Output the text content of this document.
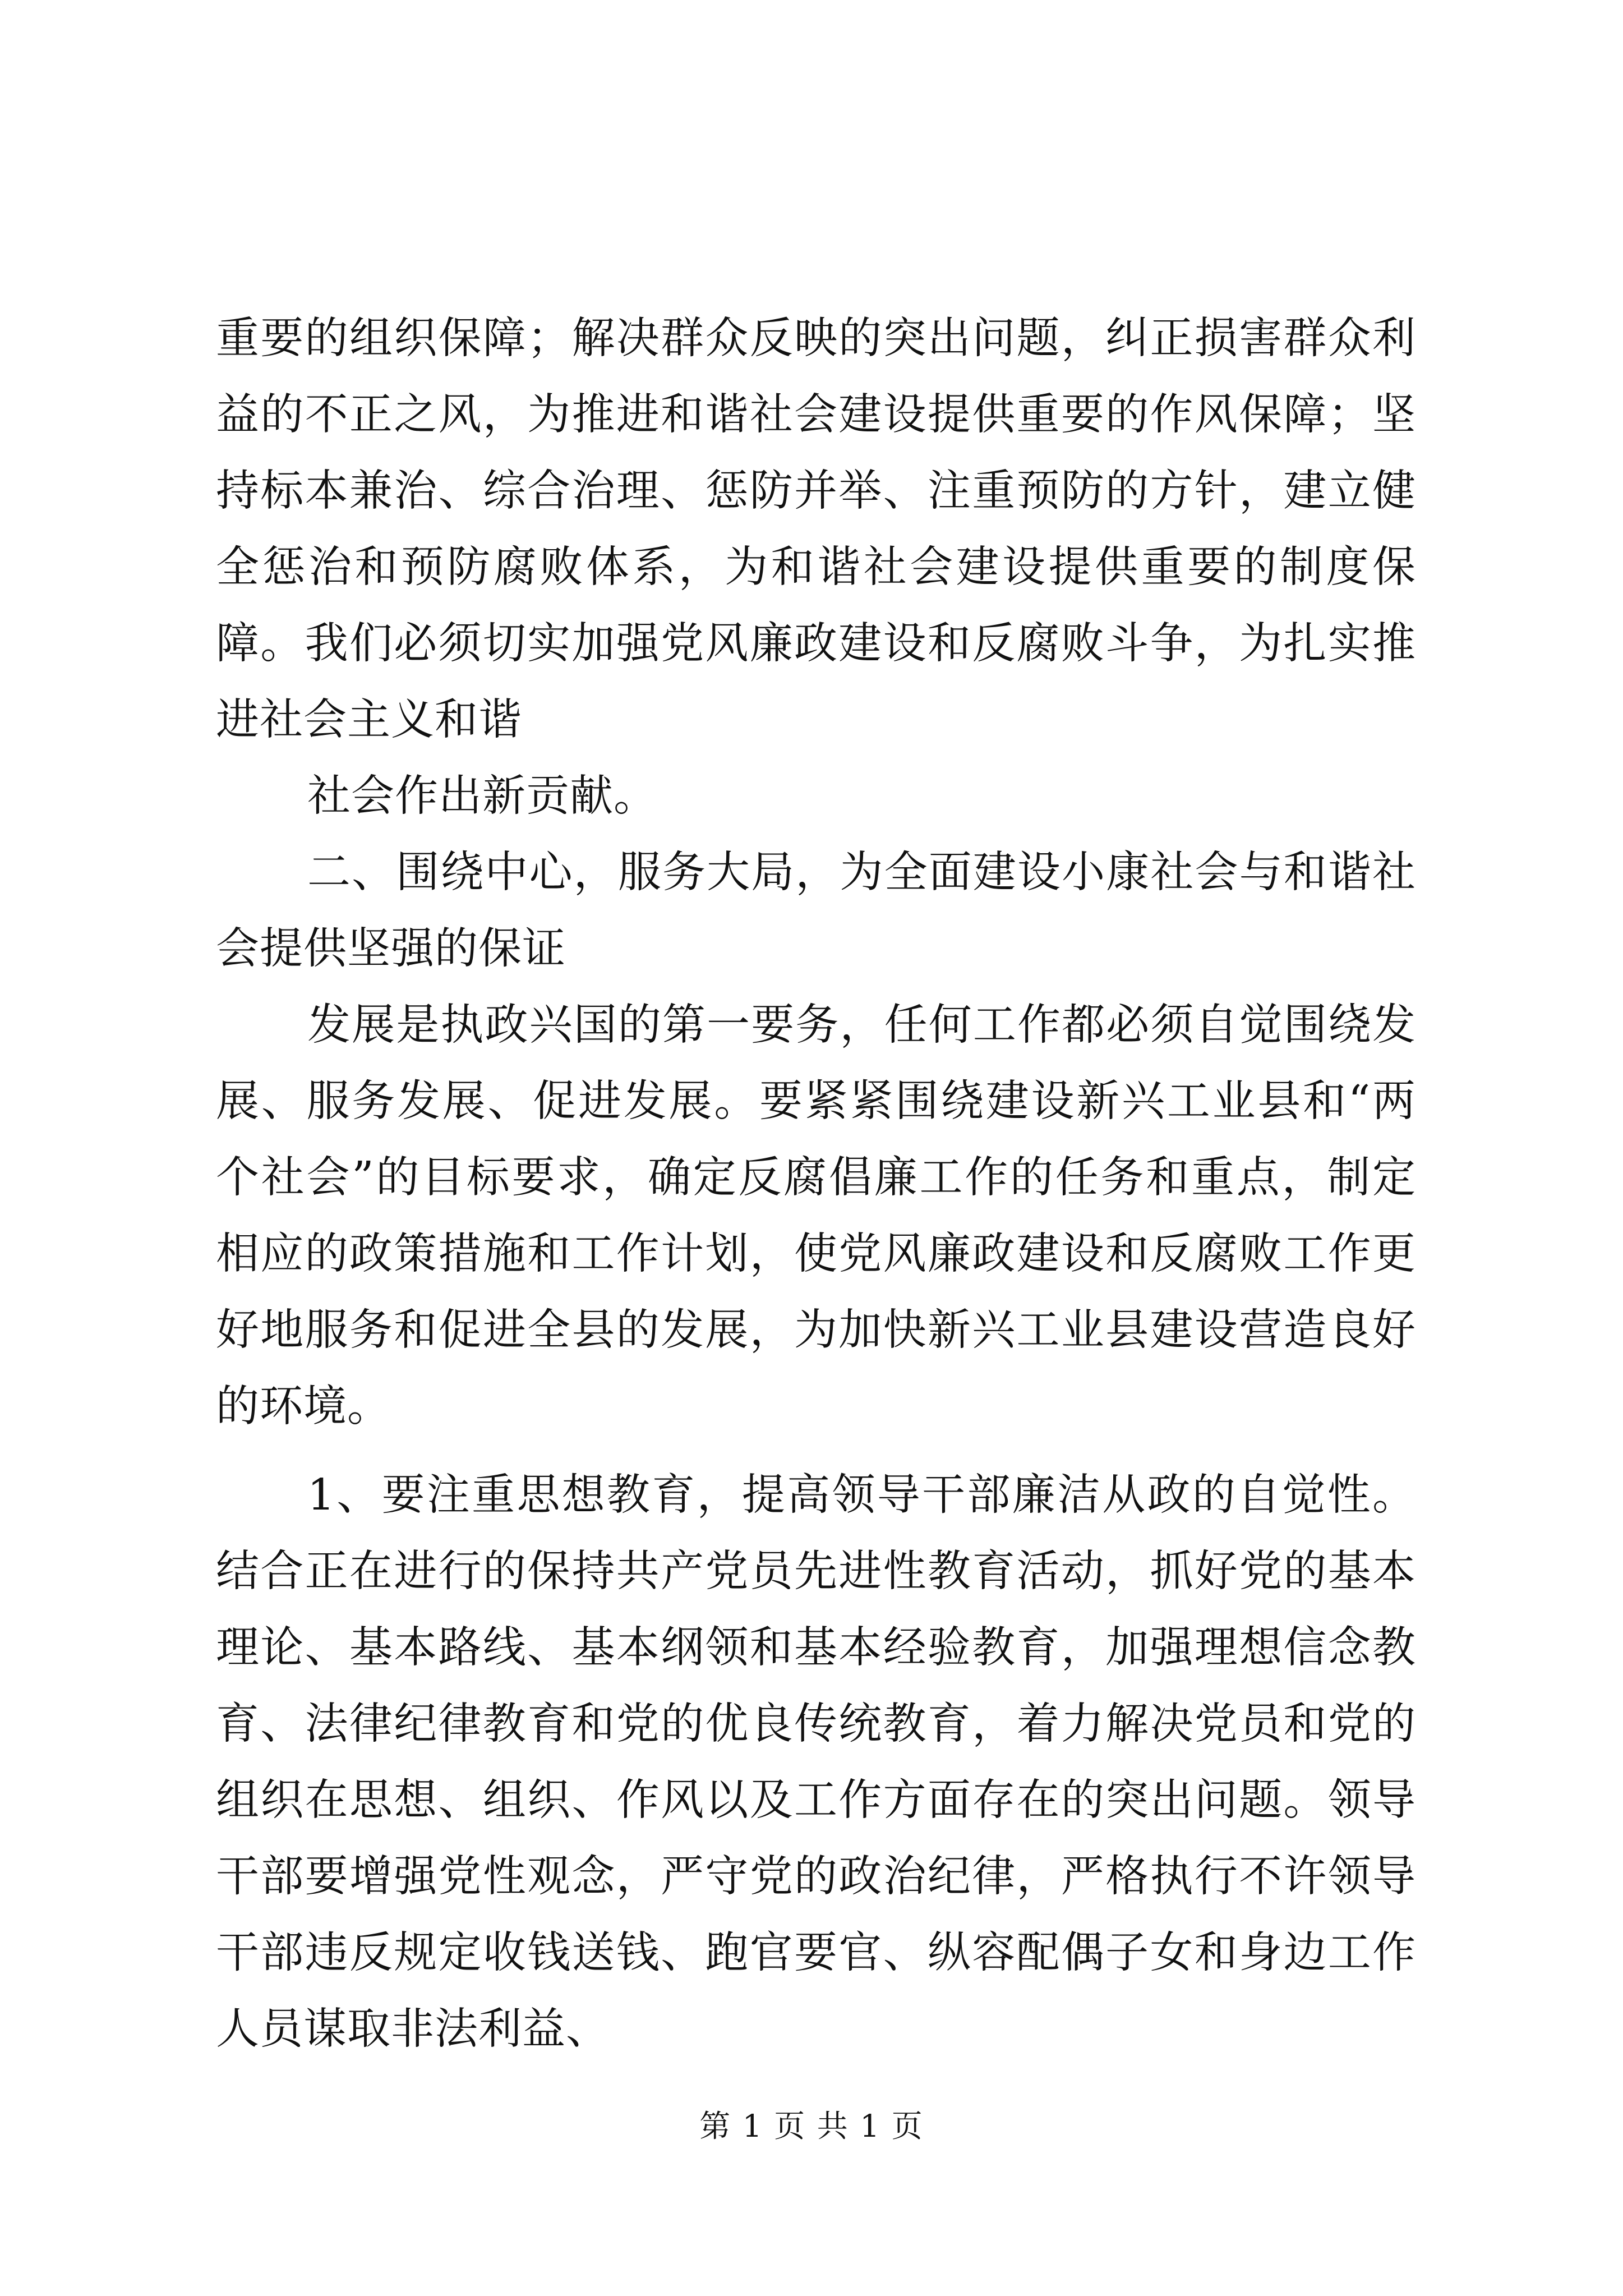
重要的组织保障；解决群众反映的突出问题，纠正损害群众利益的不正之风，为推进和谐社会建设提供重要的作风保障；坚持标本兼治、综合治理、惩防并举、注重预防的方针，建立健全惩治和预防腐败体系，为和谐社会建设提供重要的制度保障。我们必须切实加强党风廉政建设和反腐败斗争，为扎实推进社会主义和谐

社会作出新贡献。

二、围绕中心，服务大局，为全面建设小康社会与和谐社会提供坚强的保证

发展是执政兴国的第一要务，任何工作都必须自觉围绕发展、服务发展、促进发展。要紧紧围绕建设新兴工业县和“两个社会”的目标要求，确定反腐倡廉工作的任务和重点，制定相应的政策措施和工作计划，使党风廉政建设和反腐败工作更好地服务和促进全县的发展，为加快新兴工业县建设营造良好的环境。

1、要注重思想教育，提高领导干部廉洁从政的自觉性。结合正在进行的保持共产党员先进性教育活动，抓好党的基本理论、基本路线、基本纲领和基本经验教育，加强理想信念教育、法律纪律教育和党的优良传统教育，着力解决党员和党的组织在思想、组织、作风以及工作方面存在的突出问题。领导干部要增强党性观念，严守党的政治纪律，严格执行不许领导干部违反规定收钱送钱、跑官要官、纵容配偶子女和身边工作人员谋取非法利益、

第 1 页 共 1 页
